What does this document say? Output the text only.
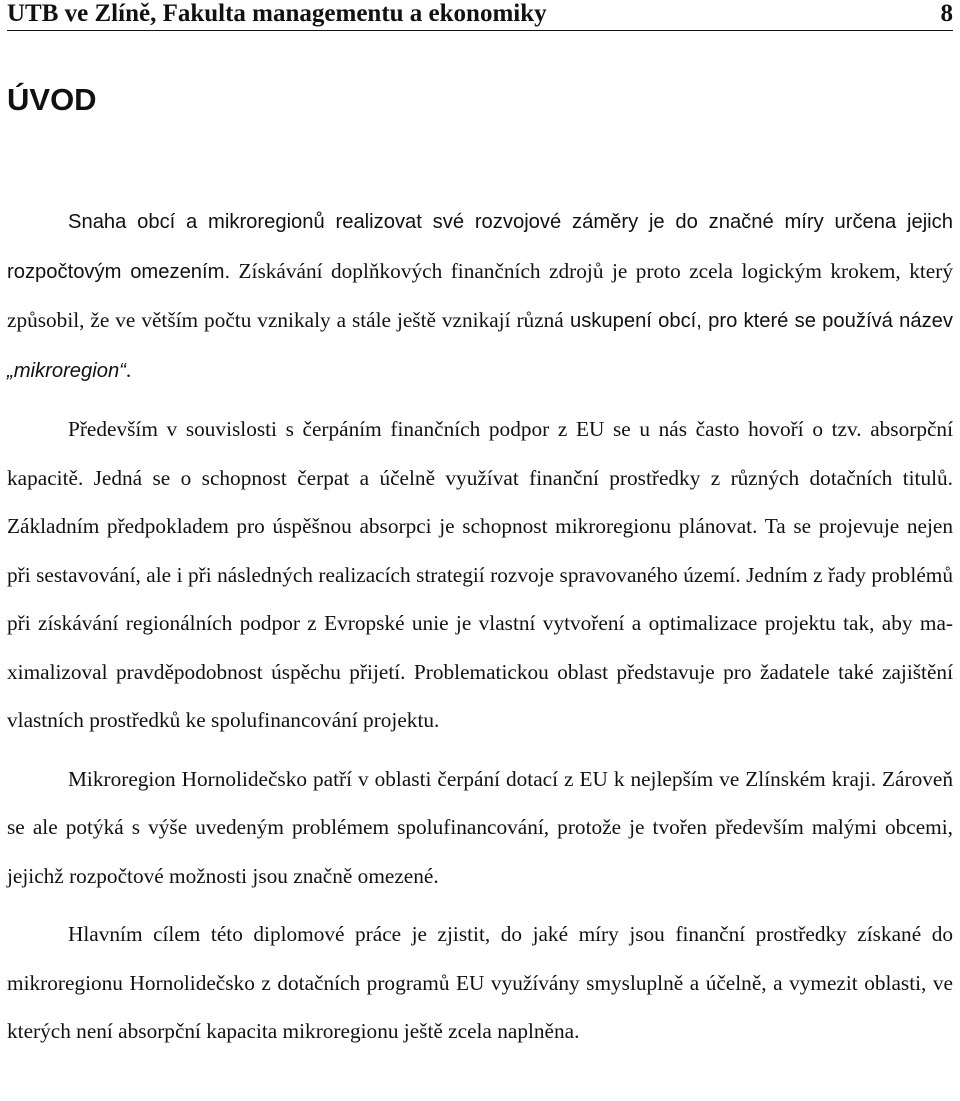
UTB ve Zlíně, Fakulta managementu a ekonomiky	8
ÚVOD

Snaha obcí a mikroregionů realizovat své rozvojové záměry je do značné míry určena jejich rozpočtovým omezením. Získávání doplňkových finančních zdrojů je proto zcela logickým krokem, který způsobil, že ve větším počtu vznikaly a stále ještě vznikají různá uskupení obcí, pro které se používá název „mikroregion“.

Především v souvislosti s čerpáním finančních podpor z EU se u nás často hovoří o tzv. absorpční kapacitě. Jedná se o schopnost čerpat a účelně využívat finanční prostředky z různých dotačních titulů. Základním předpokladem pro úspěšnou absorpci je schopnost mikroregionu plánovat. Ta se projevuje nejen při sestavování, ale i při následných realizacích strategií rozvoje spravovaného území. Jedním z řady problémů při získávání regionálních podpor z Evropské unie je vlastní vytvoření a optimalizace projektu tak, aby maximalizoval pravděpodobnost úspěchu přijetí. Problematickou oblast představuje pro žadatele také zajištění vlastních prostředků ke spolufinancování projektu.

Mikroregion Hornolidečsko patří v oblasti čerpání dotací z EU k nejlepším ve Zlínském kraji. Zároveň se ale potýká s výše uvedeným problémem spolufinancování, protože je tvořen především malými obcemi, jejichž rozpočtové možnosti jsou značně omezené.

Hlavním cílem této diplomové práce je zjistit, do jaké míry jsou finanční prostředky získané do mikroregionu Hornolidečsko z dotačních programů EU využívány smysluplně a účelně, a vymezit oblasti, ve kterých není absorpční kapacita mikroregionu ještě zcela naplněna.
